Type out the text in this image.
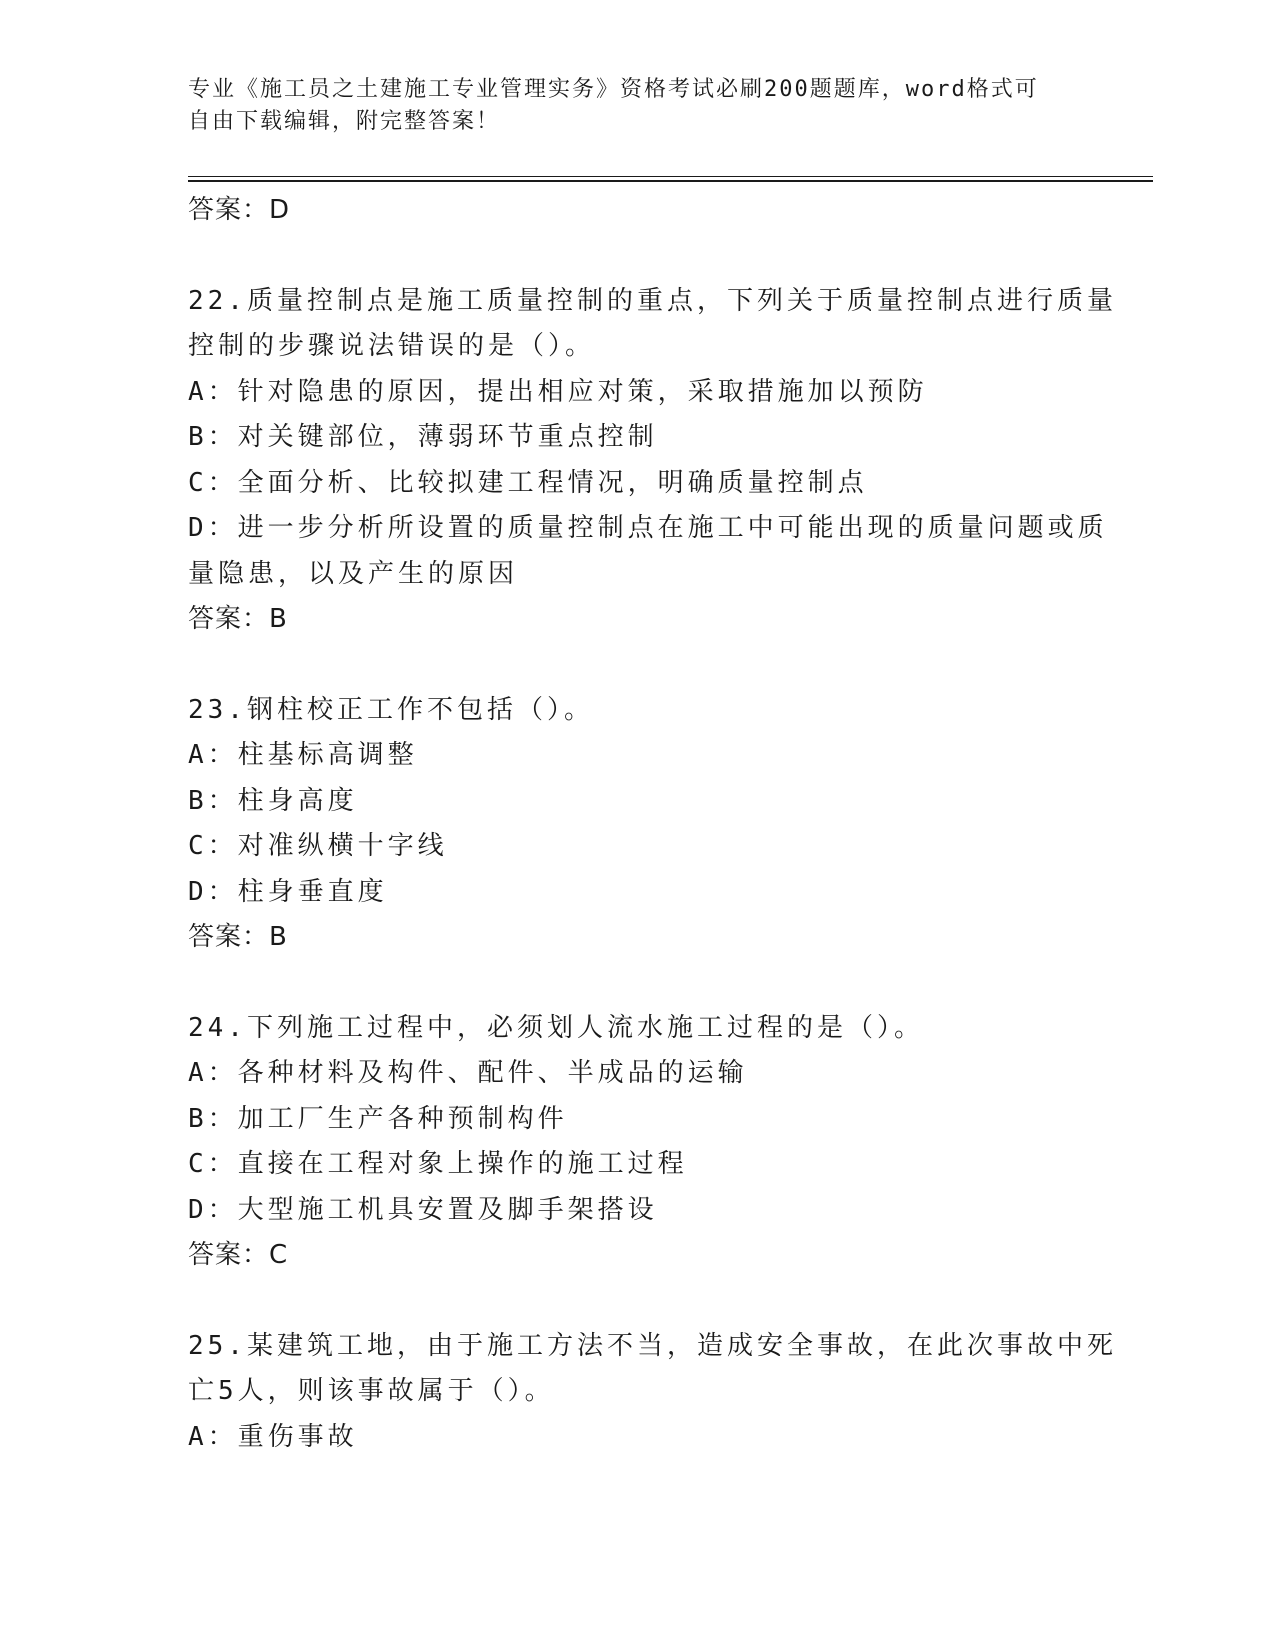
专业《施工员之土建施工专业管理实务》资格考试必刷200题题库，word格式可
自由下载编辑，附完整答案！
答案：D
22.质量控制点是施工质量控制的重点，下列关于质量控制点进行质量
控制的步骤说法错误的是（）。
A：针对隐患的原因，提出相应对策，采取措施加以预防
B：对关键部位，薄弱环节重点控制
C：全面分析、比较拟建工程情况，明确质量控制点
D：进一步分析所设置的质量控制点在施工中可能出现的质量问题或质
量隐患，以及产生的原因
答案：B
23.钢柱校正工作不包括（）。
A：柱基标高调整
B：柱身高度
C：对准纵横十字线
D：柱身垂直度
答案：B
24.下列施工过程中，必须划人流水施工过程的是（）。
A：各种材料及构件、配件、半成品的运输
B：加工厂生产各种预制构件
C：直接在工程对象上操作的施工过程
D：大型施工机具安置及脚手架搭设
答案：C
25.某建筑工地，由于施工方法不当，造成安全事故，在此次事故中死
亡5人，则该事故属于（）。
A：重伤事故
